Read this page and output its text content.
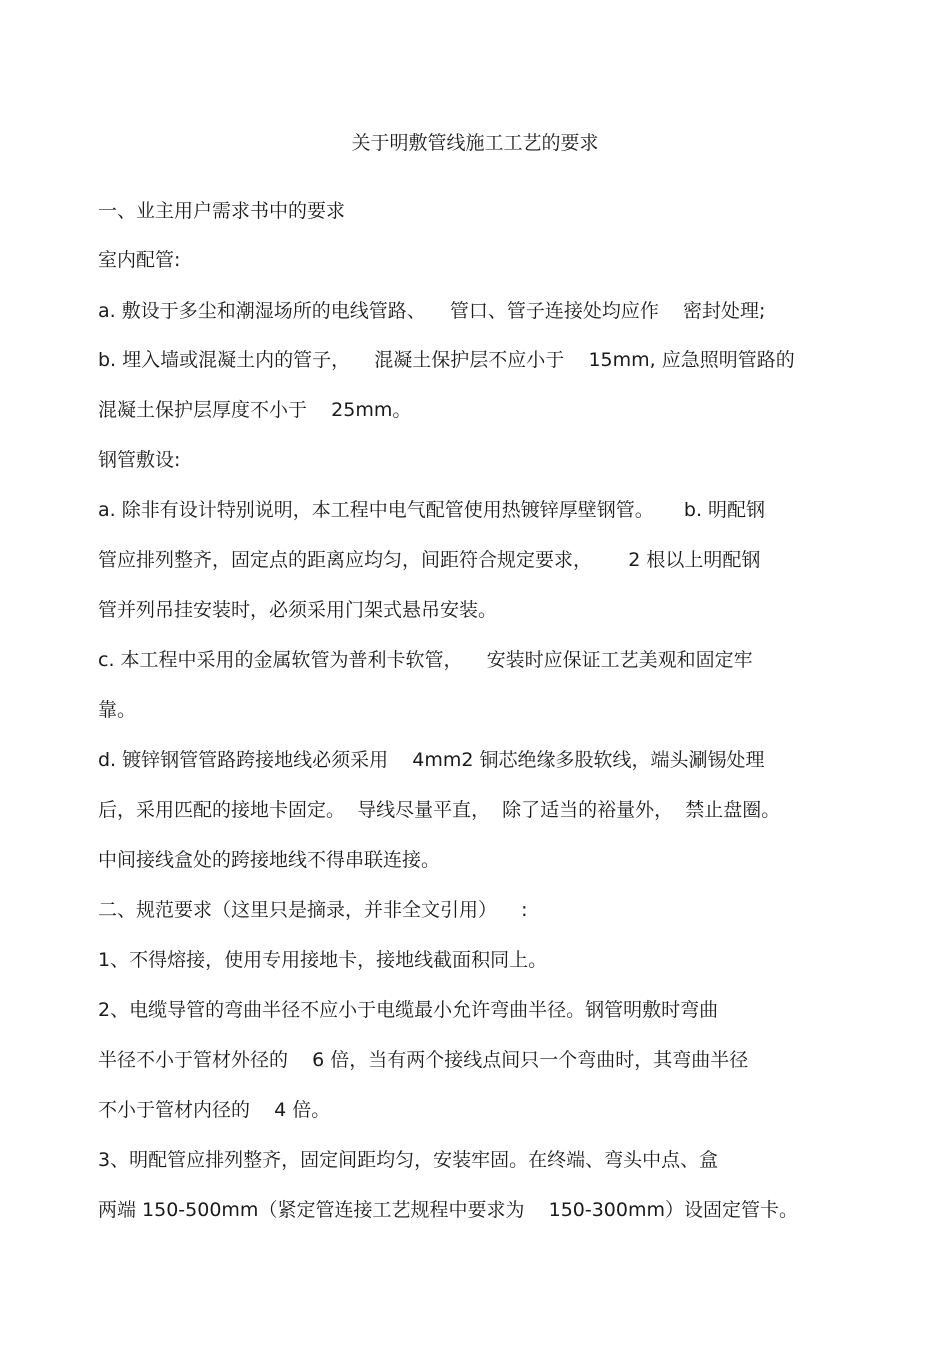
关于明敷管线施工工艺的要求
一、业主用户需求书中的要求
室内配管:
a. 敷设于多尘和潮湿场所的电线管路、    管口、管子连接处均应作    密封处理;
b. 埋入墙或混凝土内的管子，    混凝土保护层不应小于    15mm, 应急照明管路的
混凝土保护层厚度不小于    25mm。
钢管敷设:
a. 除非有设计特别说明，本工程中电气配管使用热镀锌厚壁钢管。     b. 明配钢
管应排列整齐，固定点的距离应均匀，间距符合规定要求，      2 根以上明配钢
管并列吊挂安装时，必须采用门架式悬吊安装。
c. 本工程中采用的金属软管为普利卡软管，    安装时应保证工艺美观和固定牢
靠。
d. 镀锌钢管管路跨接地线必须采用    4mm2 铜芯绝缘多股软线，端头涮锡处理
后，采用匹配的接地卡固定。  导线尽量平直，  除了适当的裕量外，  禁止盘圈。
中间接线盒处的跨接地线不得串联连接。
二、规范要求（这里只是摘录，并非全文引用）    :
1、不得熔接，使用专用接地卡，接地线截面积同上。
2、电缆导管的弯曲半径不应小于电缆最小允许弯曲半径。钢管明敷时弯曲
半径不小于管材外径的    6 倍，当有两个接线点间只一个弯曲时，其弯曲半径
不小于管材内径的    4 倍。
3、明配管应排列整齐，固定间距均匀，安装牢固。在终端、弯头中点、盒
两端 150-500mm（紧定管连接工艺规程中要求为    150-300mm）设固定管卡。
